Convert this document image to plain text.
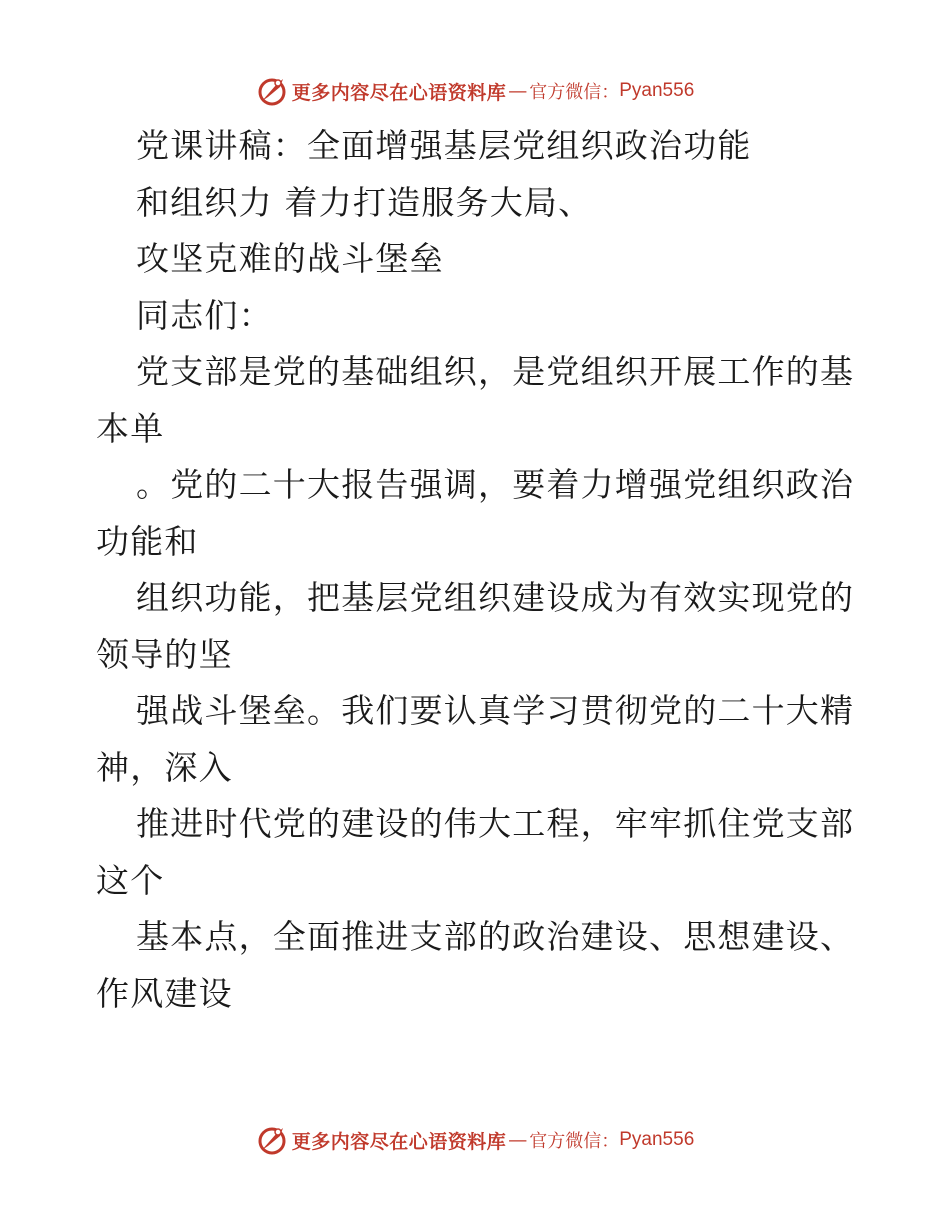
更多内容尽在心语资料库 — 官方微信： Pyan556
党课讲稿：全面增强基层党组织政治功能
和组织力 着力打造服务大局、
攻坚克难的战斗堡垒
同志们：
党支部是党的基础组织，是党组织开展工作的基
本单
。党的二十大报告强调，要着力增强党组织政治
功能和
组织功能，把基层党组织建设成为有效实现党的
领导的坚
强战斗堡垒。我们要认真学习贯彻党的二十大精
神，深入
推进时代党的建设的伟大工程，牢牢抓住党支部
这个
基本点，全面推进支部的政治建设、思想建设、
作风建设
更多内容尽在心语资料库 — 官方微信： Pyan556
